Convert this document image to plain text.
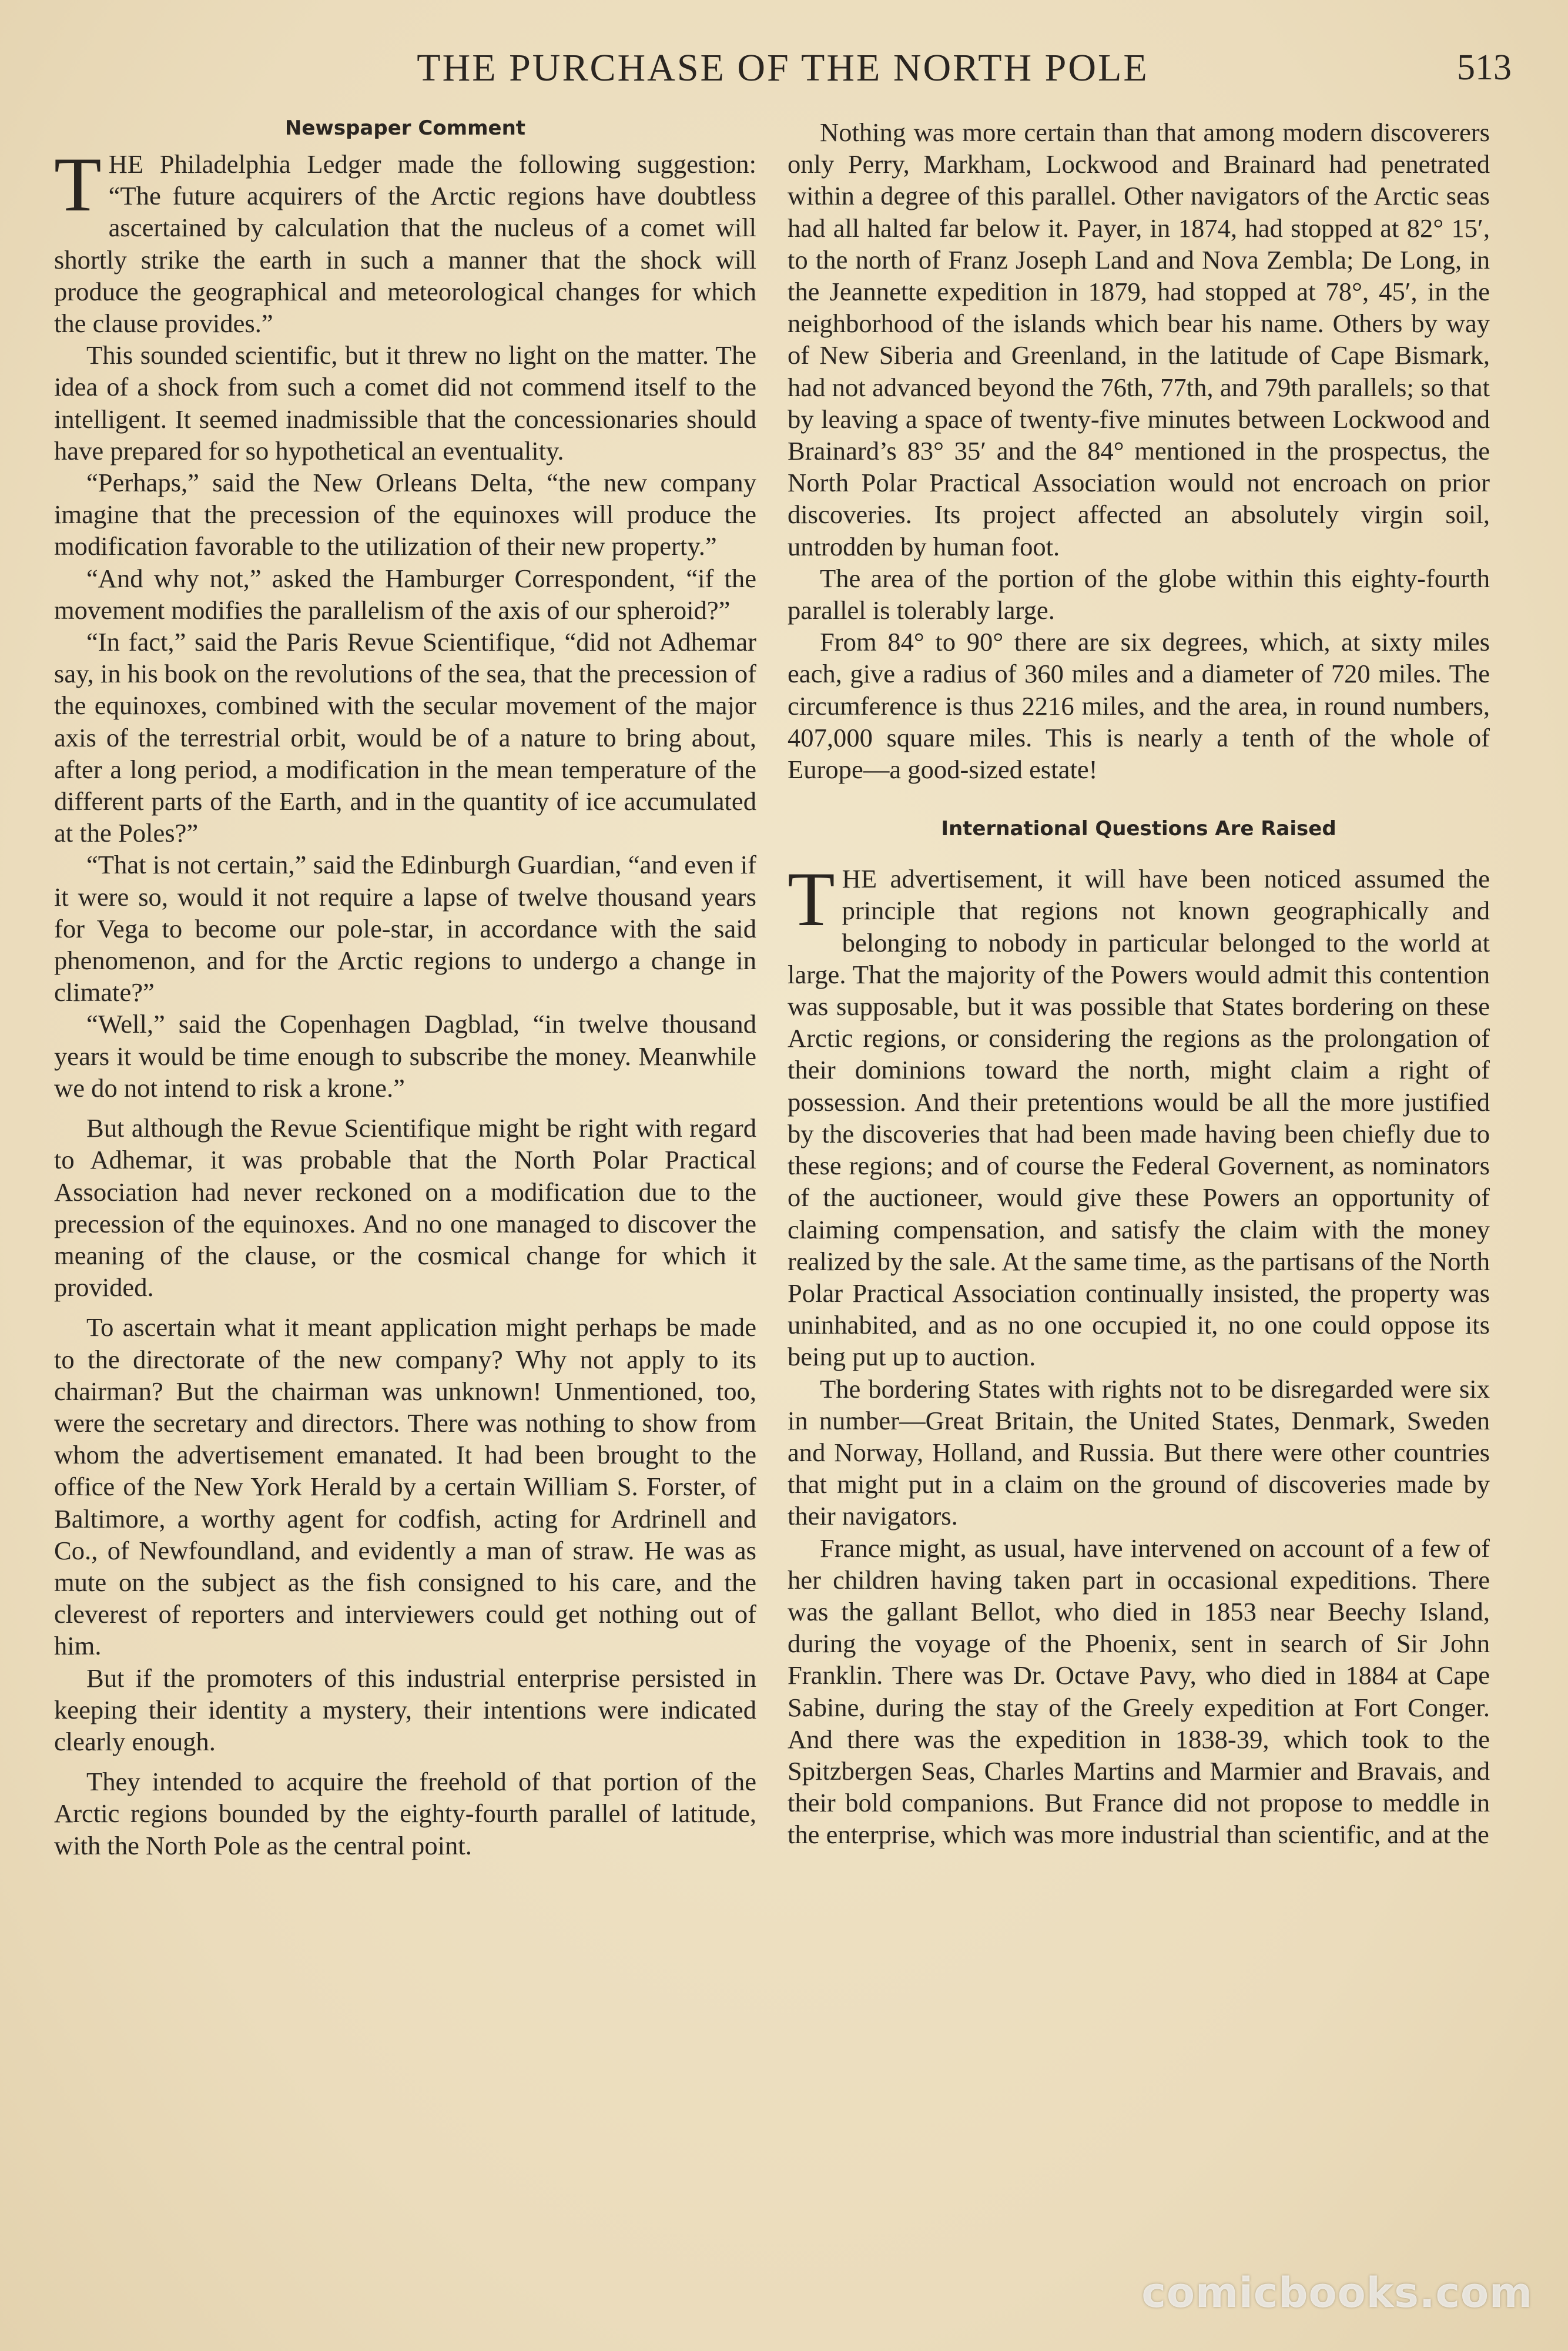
THE PURCHASE OF THE NORTH POLE	513
Newspaper Comment

THE Philadelphia Ledger made the following suggestion: “The future acquirers of the Arctic regions have doubtless ascertained by calculation that the nucleus of a comet will shortly strike the earth in such a manner that the shock will produce the geographical and meteorological changes for which the clause provides.”

This sounded scientific, but it threw no light on the matter. The idea of a shock from such a comet did not commend itself to the intelligent. It seemed inadmissible that the concessionaries should have prepared for so hypothetical an eventuality.

“Perhaps,” said the New Orleans Delta, “the new company imagine that the precession of the equinoxes will produce the modification favorable to the utilization of their new property.”

“And why not,” asked the Hamburger Correspondent, “if the movement modifies the parallelism of the axis of our spheroid?”

“In fact,” said the Paris Revue Scientifique, “did not Adhemar say, in his book on the revolutions of the sea, that the precession of the equinoxes, combined with the secular movement of the major axis of the terrestrial orbit, would be of a nature to bring about, after a long period, a modification in the mean temperature of the different parts of the Earth, and in the quantity of ice accumulated at the Poles?”

“That is not certain,” said the Edinburgh Guardian, “and even if it were so, would it not require a lapse of twelve thousand years for Vega to become our pole-star, in accordance with the said phenomenon, and for the Arctic regions to undergo a change in climate?”

“Well,” said the Copenhagen Dagblad, “in twelve thousand years it would be time enough to subscribe the money. Meanwhile we do not intend to risk a krone.”

But although the Revue Scientifique might be right with regard to Adhemar, it was probable that the North Polar Practical Association had never reckoned on a modification due to the precession of the equinoxes. And no one managed to discover the meaning of the clause, or the cosmical change for which it provided.

To ascertain what it meant application might perhaps be made to the directorate of the new company? Why not apply to its chairman? But the chairman was unknown! Unmentioned, too, were the secretary and directors. There was nothing to show from whom the advertisement emanated. It had been brought to the office of the New York Herald by a certain William S. Forster, of Baltimore, a worthy agent for codfish, acting for Ardrinell and Co., of Newfoundland, and evidently a man of straw. He was as mute on the subject as the fish consigned to his care, and the cleverest of reporters and interviewers could get nothing out of him.

But if the promoters of this industrial enterprise persisted in keeping their identity a mystery, their intentions were indicated clearly enough.

They intended to acquire the freehold of that portion of the Arctic regions bounded by the eighty-fourth parallel of latitude, with the North Pole as the central point.

Nothing was more certain than that among modern discoverers only Perry, Markham, Lockwood and Brainard had penetrated within a degree of this parallel. Other navigators of the Arctic seas had all halted far below it. Payer, in 1874, had stopped at 82° 15′, to the north of Franz Joseph Land and Nova Zembla; De Long, in the Jeannette expedition in 1879, had stopped at 78°, 45′, in the neighborhood of the islands which bear his name. Others by way of New Siberia and Greenland, in the latitude of Cape Bismark, had not advanced beyond the 76th, 77th, and 79th parallels; so that by leaving a space of twenty-five minutes between Lockwood and Brainard’s 83° 35′ and the 84° mentioned in the prospectus, the North Polar Practical Association would not encroach on prior discoveries. Its project affected an absolutely virgin soil, untrodden by human foot.

The area of the portion of the globe within this eighty-fourth parallel is tolerably large.

From 84° to 90° there are six degrees, which, at sixty miles each, give a radius of 360 miles and a diameter of 720 miles. The circumference is thus 2216 miles, and the area, in round numbers, 407,000 square miles. This is nearly a tenth of the whole of Europe—a good-sized estate!

International Questions Are Raised

THE advertisement, it will have been noticed assumed the principle that regions not known geographically and belonging to nobody in particular belonged to the world at large. That the majority of the Powers would admit this contention was supposable, but it was possible that States bordering on these Arctic regions, or considering the regions as the prolongation of their dominions toward the north, might claim a right of possession. And their pretentions would be all the more justified by the discoveries that had been made having been chiefly due to these regions; and of course the Federal Governent, as nominators of the auctioneer, would give these Powers an opportunity of claiming compensation, and satisfy the claim with the money realized by the sale. At the same time, as the partisans of the North Polar Practical Association continually insisted, the property was uninhabited, and as no one occupied it, no one could oppose its being put up to auction.

The bordering States with rights not to be disregarded were six in number—Great Britain, the United States, Denmark, Sweden and Norway, Holland, and Russia. But there were other countries that might put in a claim on the ground of discoveries made by their navigators.

France might, as usual, have intervened on account of a few of her children having taken part in occasional expeditions. There was the gallant Bellot, who died in 1853 near Beechy Island, during the voyage of the Phoenix, sent in search of Sir John Franklin. There was Dr. Octave Pavy, who died in 1884 at Cape Sabine, during the stay of the Greely expedition at Fort Conger. And there was the expedition in 1838-39, which took to the Spitzbergen Seas, Charles Martins and Marmier and Bravais, and their bold companions. But France did not propose to meddle in the enterprise, which was more industrial than scientific, and at the

comicbooks.com
